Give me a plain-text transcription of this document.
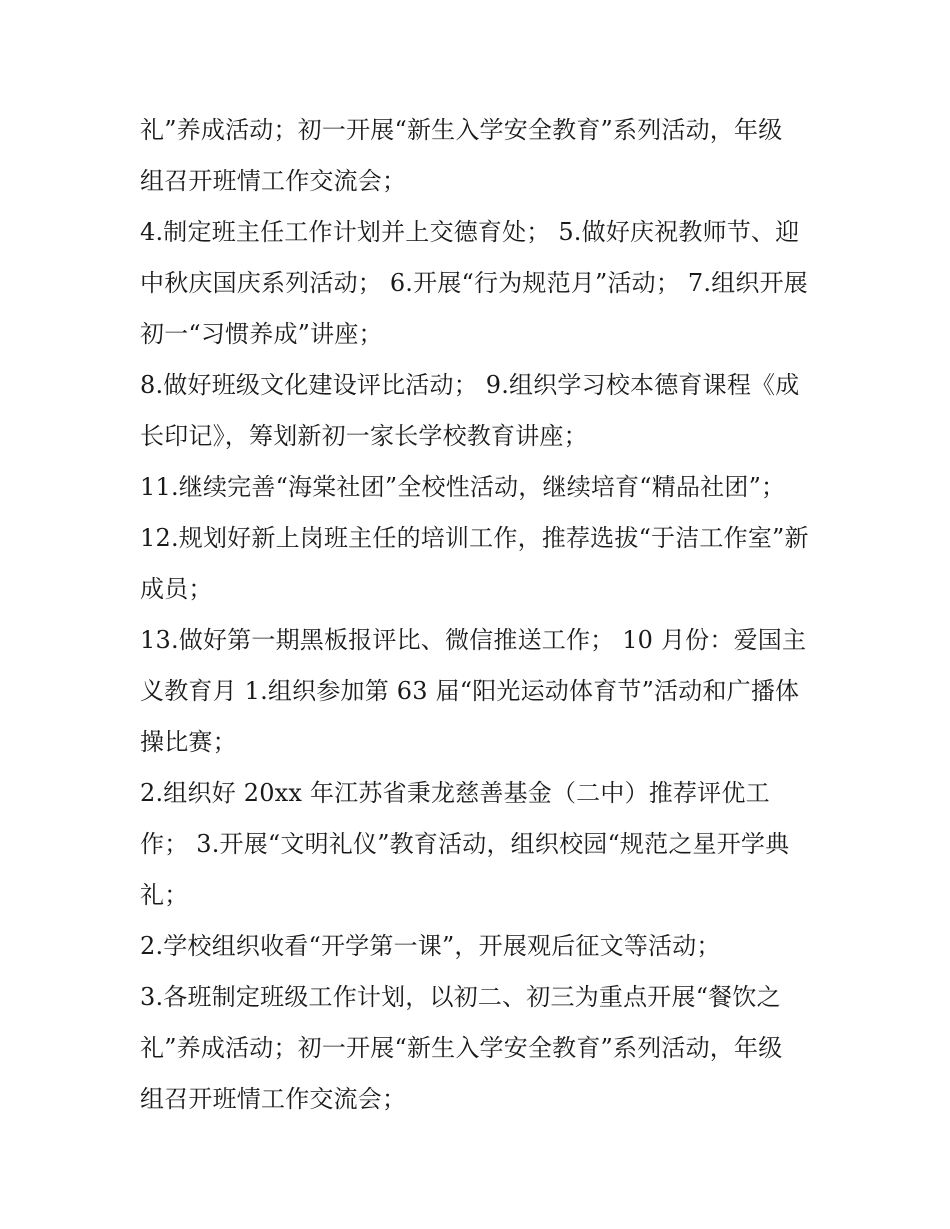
礼”养成活动；初一开展“新生入学安全教育”系列活动，年级
组召开班情工作交流会；
4.制定班主任工作计划并上交德育处； 5.做好庆祝教师节、迎
中秋庆国庆系列活动； 6.开展“行为规范月”活动； 7.组织开展
初一“习惯养成”讲座；
8.做好班级文化建设评比活动； 9.组织学习校本德育课程《成
长印记》，筹划新初一家长学校教育讲座；
11.继续完善“海棠社团”全校性活动，继续培育“精品社团”；
12.规划好新上岗班主任的培训工作，推荐选拔“于洁工作室”新
成员；
13.做好第一期黑板报评比、微信推送工作； 10 月份：爱国主
义教育月 1.组织参加第 63 届“阳光运动体育节”活动和广播体
操比赛；
2.组织好 20xx 年江苏省秉龙慈善基金（二中）推荐评优工
作； 3.开展“文明礼仪”教育活动，组织校园“规范之星开学典
礼；
2.学校组织收看“开学第一课”，开展观后征文等活动；
3.各班制定班级工作计划，以初二、初三为重点开展“餐饮之
礼”养成活动；初一开展“新生入学安全教育”系列活动，年级
组召开班情工作交流会；
